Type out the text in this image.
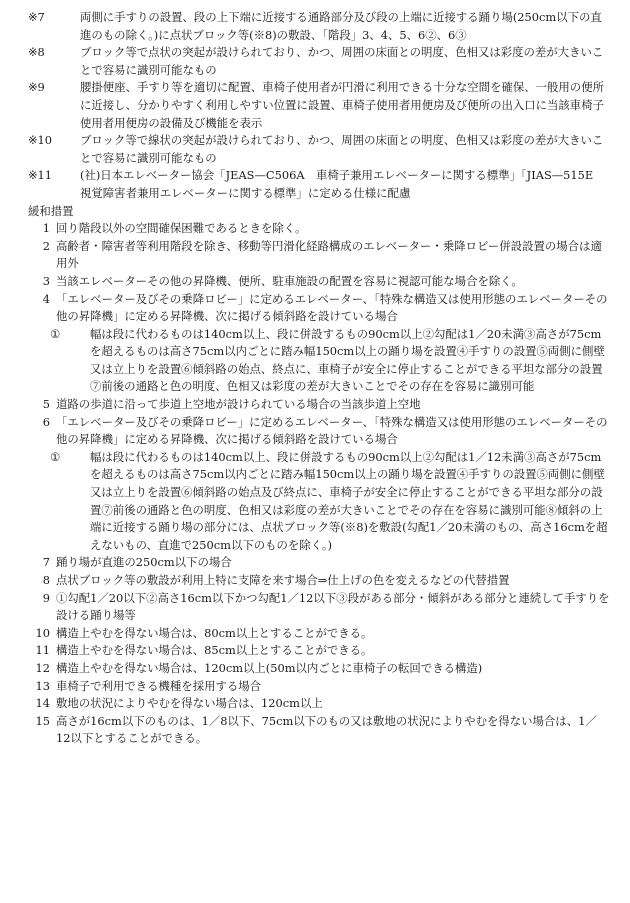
※7	両側に手すりの設置、段の上下端に近接する通路部分及び段の上端に近接する踊り場(250cm以下の直進のもの除く。)に点状ブロック等(※8)の敷設、「階段」3、4、5、6②、6③

※8	ブロック等で点状の突起が設けられており、かつ、周囲の床面との明度、色相又は彩度の差が大きいことで容易に識別可能なもの

※9	腰掛便座、手すり等を適切に配置、車椅子使用者が円滑に利用できる十分な空間を確保、一般用の便所に近接し、分かりやすく利用しやすい位置に設置、車椅子使用者用便房及び便所の出入口に当該車椅子使用者用便房の設備及び機能を表示

※10 ブロック等で線状の突起が設けられており、かつ、周囲の床面との明度、色相又は彩度の差が大きいことで容易に識別可能なもの

※11 (社)日本エレベーター協会「JEAS—C506A　車椅子兼用エレベーターに関する標準」「JIAS—515E　視覚障害者兼用エレベーターに関する標準」に定める仕様に配慮

緩和措置

1 回り階段以外の空間確保困難であるときを除く。

2 高齢者・障害者等利用階段を除き、移動等円滑化経路構成のエレベーター・乗降ロビー併設設置の場合は適用外

3 当該エレベーターその他の昇降機、便所、駐車施設の配置を容易に視認可能な場合を除く。

4 「エレベーター及びその乗降ロビー」に定めるエレベーター、「特殊な構造又は使用形態のエレベーターその他の昇降機」に定める昇降機、次に掲げる傾斜路を設けている場合

①	幅は段に代わるものは140cm以上、段に併設するもの90cm以上②勾配は1／20未満③高さが75cmを超えるものは高さ75cm以内ごとに踏み幅150cm以上の踊り場を設置④手すりの設置⑤両側に側壁又は立上りを設置⑥傾斜路の始点、終点に、車椅子が安全に停止することができる平坦な部分の設置⑦前後の通路と色の明度、色相又は彩度の差が大きいことでその存在を容易に識別可能

5 道路の歩道に沿って歩道上空地が設けられている場合の当該歩道上空地

6 「エレベーター及びその乗降ロビー」に定めるエレベーター、「特殊な構造又は使用形態のエレベーターその他の昇降機」に定める昇降機、次に掲げる傾斜路を設けている場合

①	幅は段に代わるものは140cm以上、段に併設するもの90cm以上②勾配は1／12未満③高さが75cmを超えるものは高さ75cm以内ごとに踏み幅150cm以上の踊り場を設置④手すりの設置⑤両側に側壁又は立上りを設置⑥傾斜路の始点及び終点に、車椅子が安全に停止することができる平坦な部分の設置⑦前後の通路と色の明度、色相又は彩度の差が大きいことでその存在を容易に識別可能⑧傾斜の上端に近接する踊り場の部分には、点状ブロック等(※8)を敷設(勾配1／20未満のもの、高さ16cmを超えないもの、直進で250cm以下のものを除く。)

7 踊り場が直進の250cm以下の場合

8 点状ブロック等の敷設が利用上特に支障を来す場合⇒仕上げの色を変えるなどの代替措置

9 ①勾配1／20以下②高さ16cm以下かつ勾配1／12以下③段がある部分・傾斜がある部分と連続して手すりを設ける踊り場等

10 構造上やむを得ない場合は、80cm以上とすることができる。

11 構造上やむを得ない場合は、85cm以上とすることができる。

12 構造上やむを得ない場合は、120cm以上(50m以内ごとに車椅子の転回できる構造)

13 車椅子で利用できる機種を採用する場合

14 敷地の状況によりやむを得ない場合は、120cm以上

15 高さが16cm以下のものは、1／8以下、75cm以下のもの又は敷地の状況によりやむを得ない場合は、1／12以下とすることができる。
